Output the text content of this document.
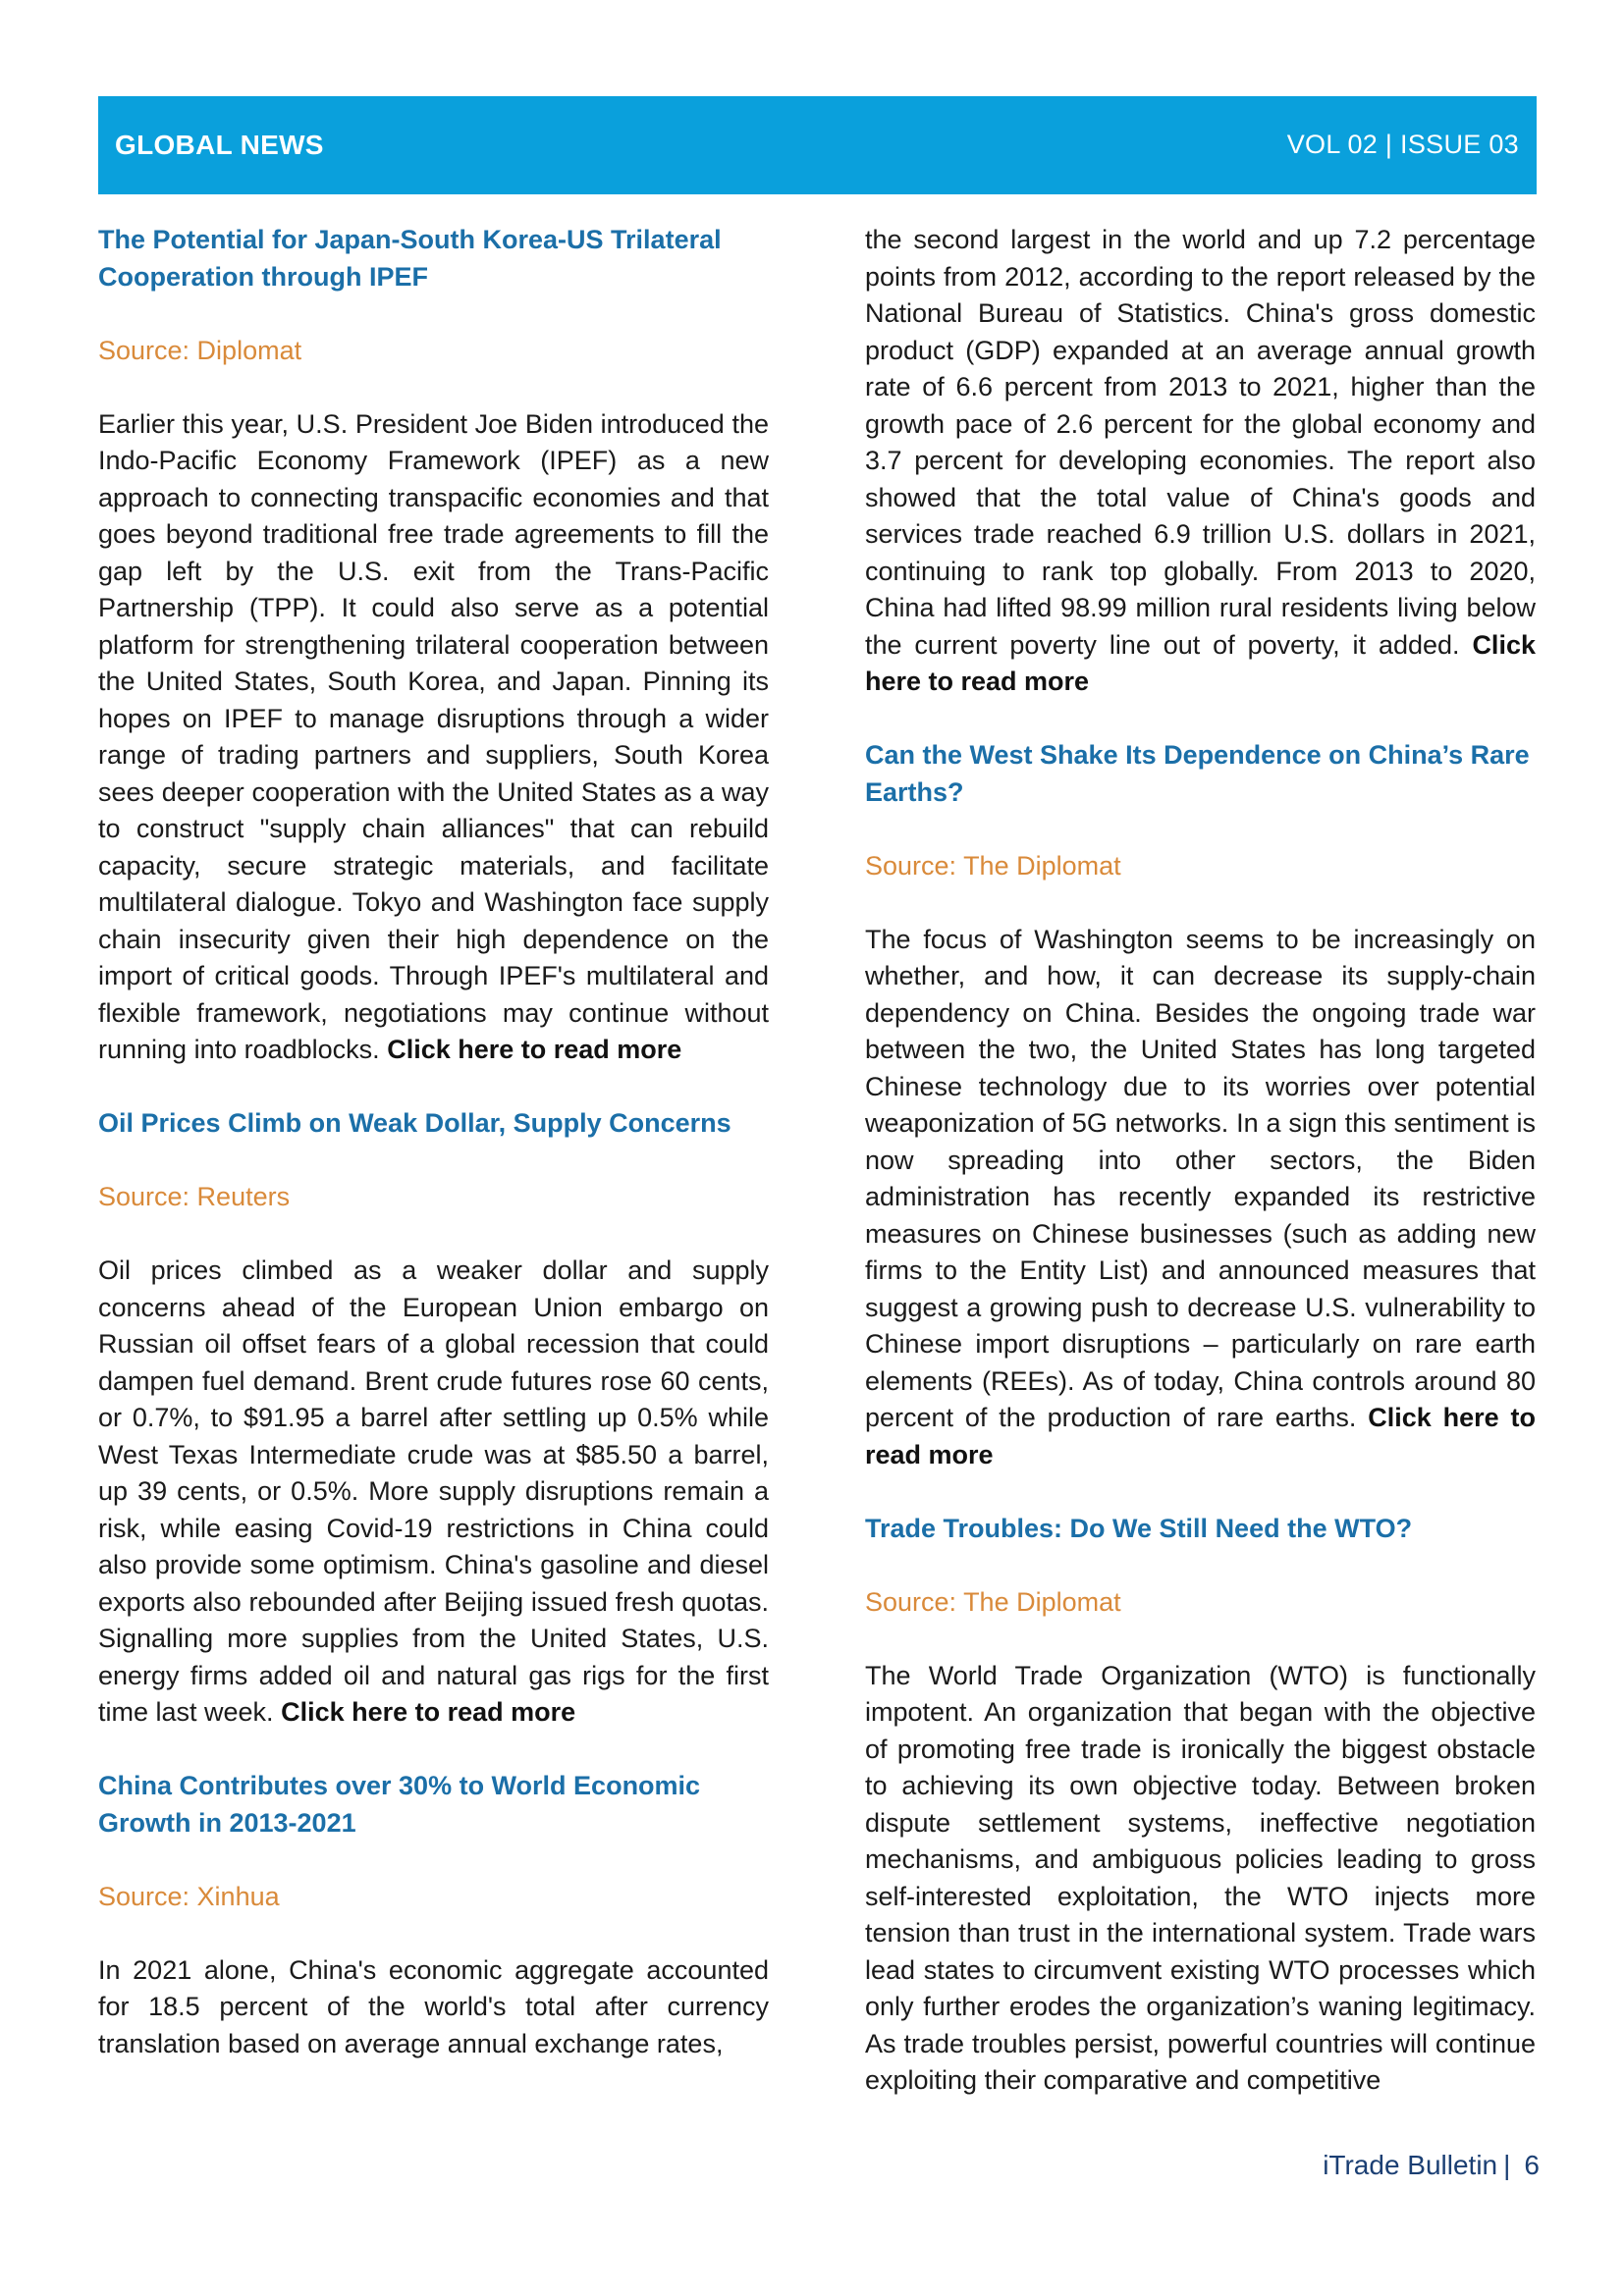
GLOBAL NEWS	VOL 02 | ISSUE 03
The Potential for Japan-South Korea-US Trilateral Cooperation through IPEF
Source: Diplomat

Earlier this year, U.S. President Joe Biden introduced the Indo-Pacific Economy Framework (IPEF) as a new approach to connecting transpacific economies and that goes beyond traditional free trade agreements to fill the gap left by the U.S. exit from the Trans-Pacific Partnership (TPP). It could also serve as a potential platform for strengthening trilateral cooperation between the United States, South Korea, and Japan. Pinning its hopes on IPEF to manage disruptions through a wider range of trading partners and suppliers, South Korea sees deeper cooperation with the United States as a way to construct "supply chain alliances" that can rebuild capacity, secure strategic materials, and facilitate multilateral dialogue. Tokyo and Washington face supply chain insecurity given their high dependence on the import of critical goods. Through IPEF's multilateral and flexible framework, negotiations may continue without running into roadblocks. Click here to read more

Oil Prices Climb on Weak Dollar, Supply Concerns
Source: Reuters

Oil prices climbed as a weaker dollar and supply concerns ahead of the European Union embargo on Russian oil offset fears of a global recession that could dampen fuel demand. Brent crude futures rose 60 cents, or 0.7%, to $91.95 a barrel after settling up 0.5% while West Texas Intermediate crude was at $85.50 a barrel, up 39 cents, or 0.5%. More supply disruptions remain a risk, while easing Covid-19 restrictions in China could also provide some optimism. China's gasoline and diesel exports also rebounded after Beijing issued fresh quotas. Signalling more supplies from the United States, U.S. energy firms added oil and natural gas rigs for the first time last week. Click here to read more

China Contributes over 30% to World Economic Growth in 2013-2021
Source: Xinhua

In 2021 alone, China's economic aggregate accounted for 18.5 percent of the world's total after currency translation based on average annual exchange rates,

the second largest in the world and up 7.2 percentage points from 2012, according to the report released by the National Bureau of Statistics. China's gross domestic product (GDP) expanded at an average annual growth rate of 6.6 percent from 2013 to 2021, higher than the growth pace of 2.6 percent for the global economy and 3.7 percent for developing economies. The report also showed that the total value of China's goods and services trade reached 6.9 trillion U.S. dollars in 2021, continuing to rank top globally. From 2013 to 2020, China had lifted 98.99 million rural residents living below the current poverty line out of poverty, it added. Click here to read more

Can the West Shake Its Dependence on China’s Rare Earths?
Source: The Diplomat

The focus of Washington seems to be increasingly on whether, and how, it can decrease its supply-chain dependency on China. Besides the ongoing trade war between the two, the United States has long targeted Chinese technology due to its worries over potential weaponization of 5G networks. In a sign this sentiment is now spreading into other sectors, the Biden administration has recently expanded its restrictive measures on Chinese businesses (such as adding new firms to the Entity List) and announced measures that suggest a growing push to decrease U.S. vulnerability to Chinese import disruptions – particularly on rare earth elements (REEs). As of today, China controls around 80 percent of the production of rare earths. Click here to read more

Trade Troubles: Do We Still Need the WTO?
Source: The Diplomat

The World Trade Organization (WTO) is functionally impotent. An organization that began with the objective of promoting free trade is ironically the biggest obstacle to achieving its own objective today. Between broken dispute settlement systems, ineffective negotiation mechanisms, and ambiguous policies leading to gross self-interested exploitation, the WTO injects more tension than trust in the international system. Trade wars lead states to circumvent existing WTO processes which only further erodes the organization’s waning legitimacy. As trade troubles persist, powerful countries will continue exploiting their comparative and competitive

iTrade Bulletin | 6
